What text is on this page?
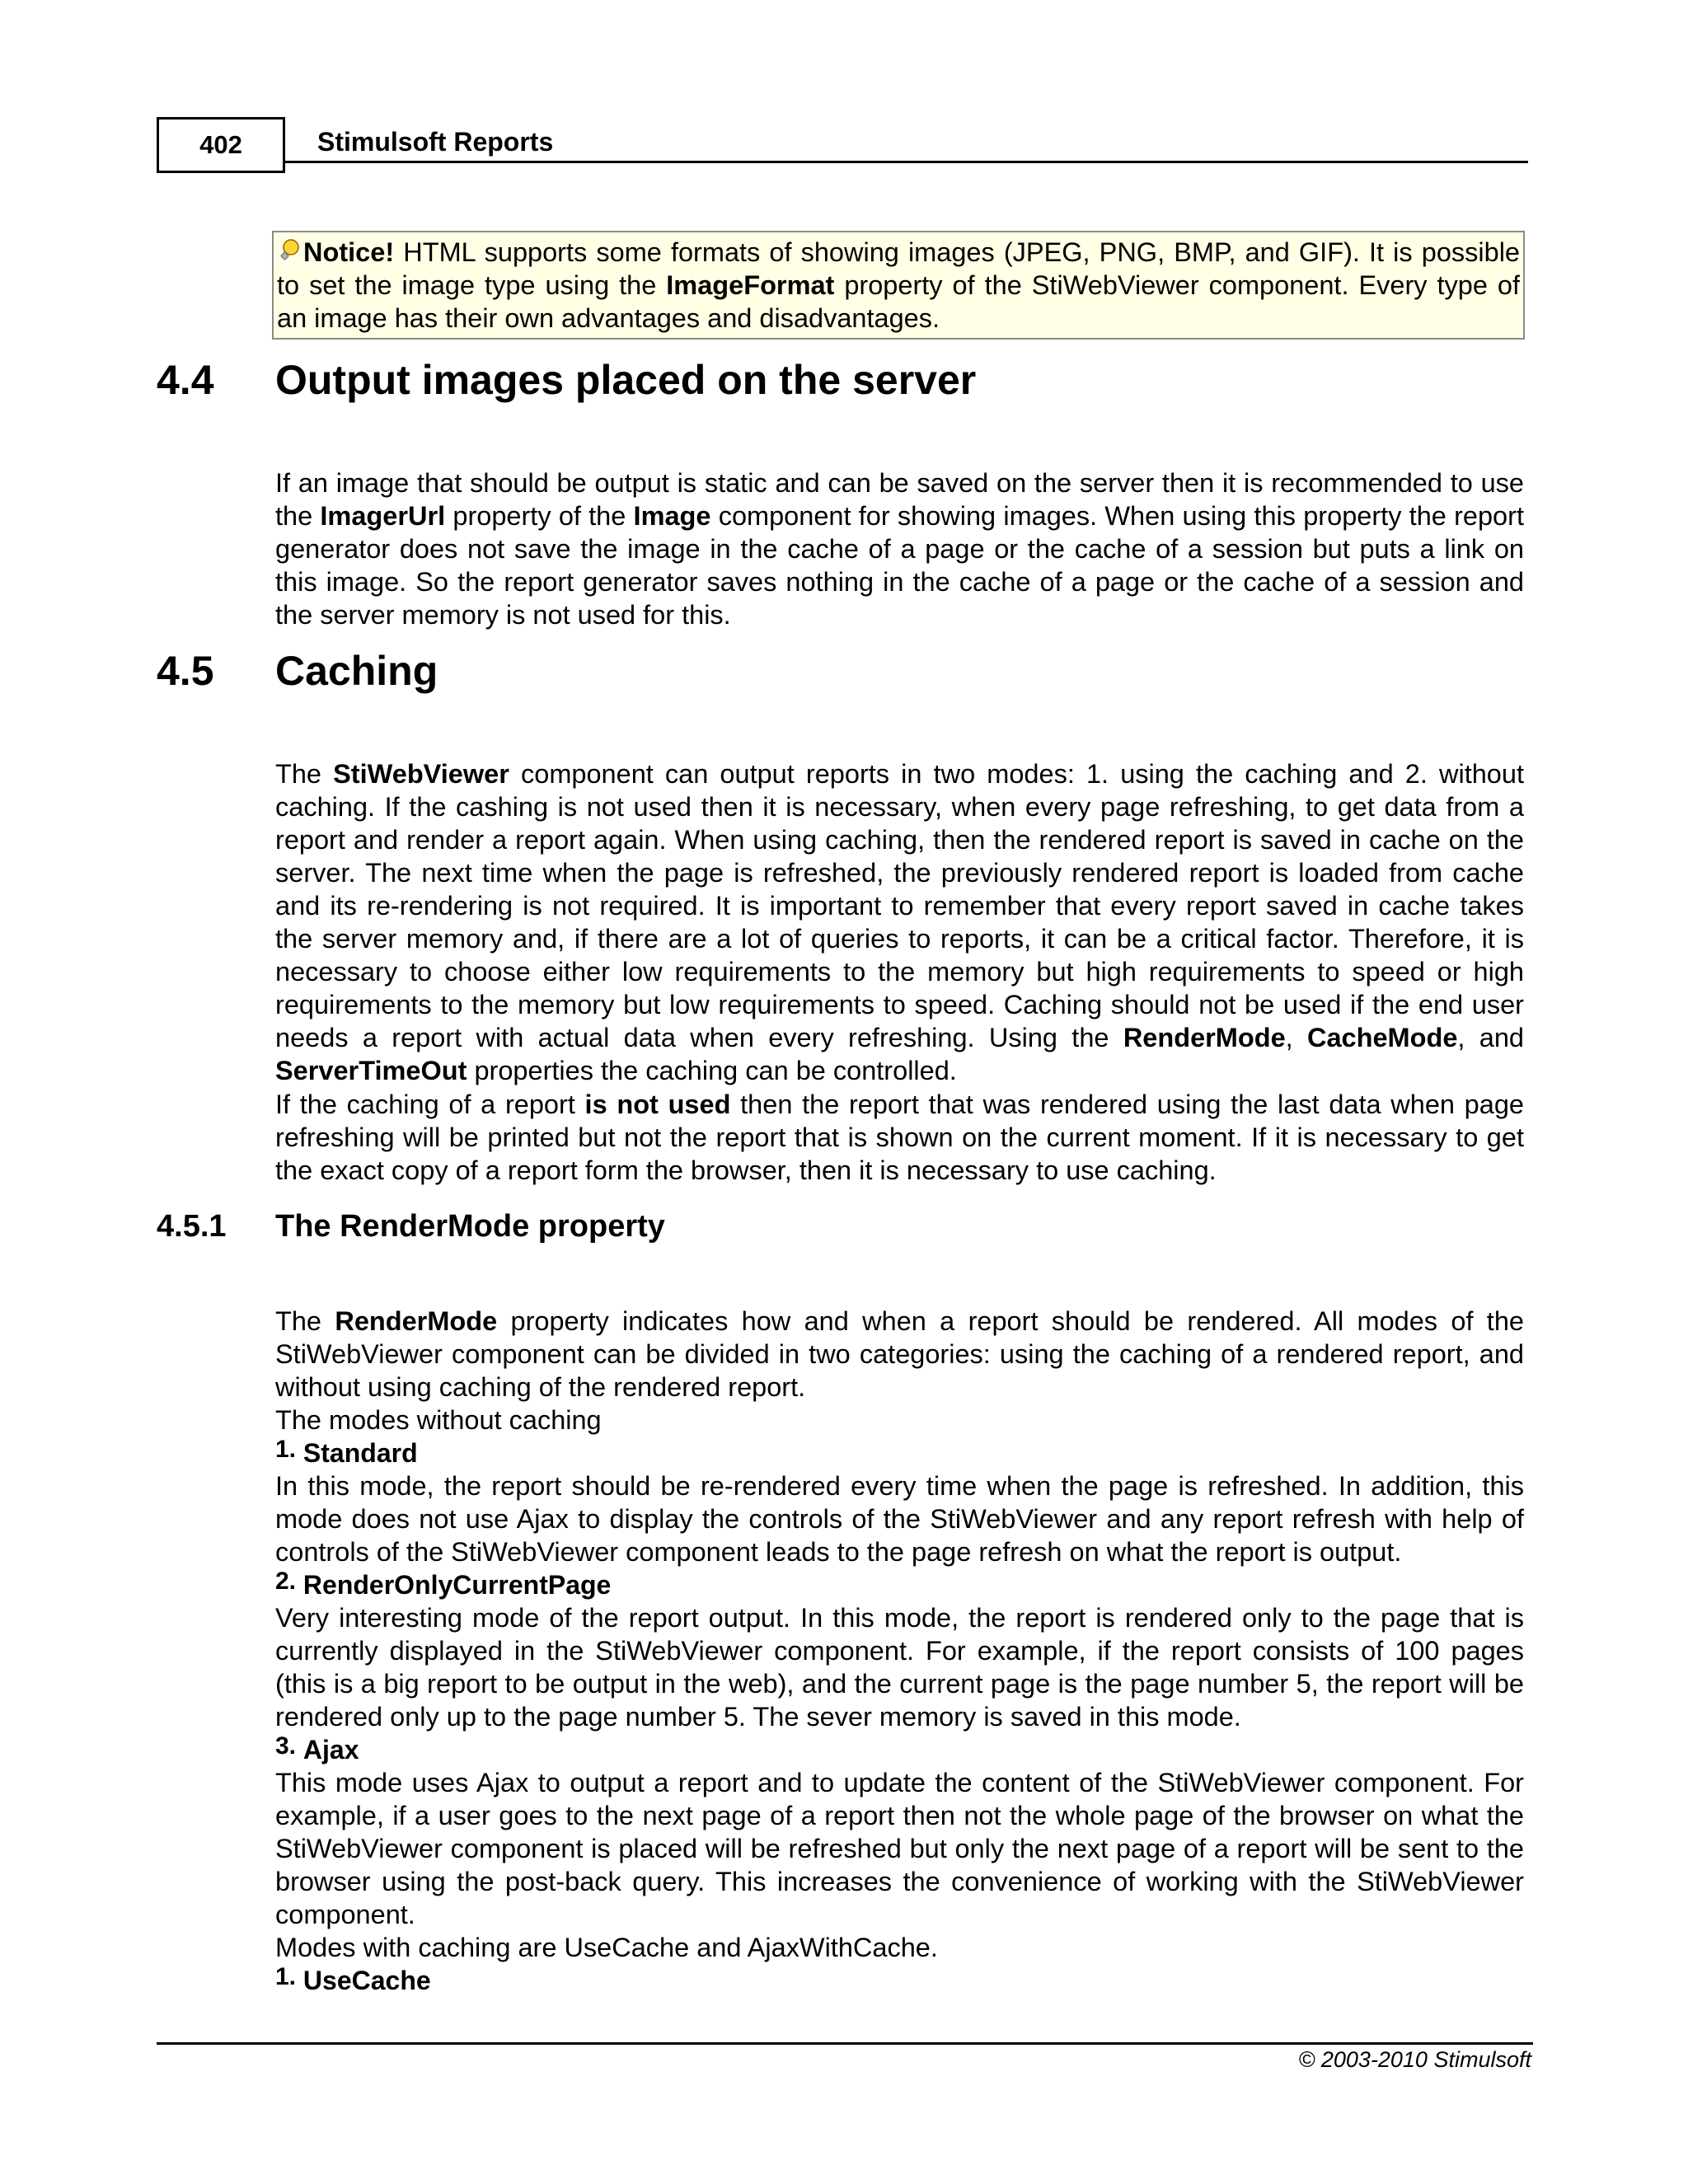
402	Stimulsoft Reports
Notice! HTML supports some formats of showing images (JPEG, PNG, BMP, and GIF). It is possible to set the image type using the ImageFormat property of the StiWebViewer component. Every type of an image has their own advantages and disadvantages.
4.4 Output images placed on the server

If an image that should be output is static and can be saved on the server then it is recommended to use the ImagerUrl property of the Image component for showing images. When using this property the report generator does not save the image in the cache of a page or the cache of a session but puts a link on this image. So the report generator saves nothing in the cache of a page or the cache of a session and the server memory is not used for this.

4.5 Caching

The StiWebViewer component can output reports in two modes: 1. using the caching and 2. without caching. If the cashing is not used then it is necessary, when every page refreshing, to get data from a report and render a report again. When using caching, then the rendered report is saved in cache on the server. The next time when the page is refreshed, the previously rendered report is loaded from cache and its re-rendering is not required. It is important to remember that every report saved in cache takes the server memory and, if there are a lot of queries to reports, it can be a critical factor. Therefore, it is necessary to choose either low requirements to the memory but high requirements to speed or high requirements to the memory but low requirements to speed. Caching should not be used if the end user needs a report with actual data when every refreshing. Using the RenderMode, CacheMode, and ServerTimeOut properties the caching can be controlled.

If the caching of a report is not used then the report that was rendered using the last data when page refreshing will be printed but not the report that is shown on the current moment. If it is necessary to get the exact copy of a report form the browser, then it is necessary to use caching.

4.5.1 The RenderMode property

The RenderMode property indicates how and when a report should be rendered. All modes of the StiWebViewer component can be divided in two categories: using the caching of a rendered report, and without using caching of the rendered report.

The modes without caching

1. Standard

In this mode, the report should be re-rendered every time when the page is refreshed. In addition, this mode does not use Ajax to display the controls of the StiWebViewer and any report refresh with help of controls of the StiWebViewer component leads to the page refresh on what the report is output.

2. RenderOnlyCurrentPage

Very interesting mode of the report output. In this mode, the report is rendered only to the page that is currently displayed in the StiWebViewer component. For example, if the report consists of 100 pages (this is a big report to be output in the web), and the current page is the page number 5, the report will be rendered only up to the page number 5. The sever memory is saved in this mode.

3. Ajax

This mode uses Ajax to output a report and to update the content of the StiWebViewer component. For example, if a user goes to the next page of a report then not the whole page of the browser on what the StiWebViewer component is placed will be refreshed but only the next page of a report will be sent to the browser using the post-back query. This increases the convenience of working with the StiWebViewer component.

Modes with caching are UseCache and AjaxWithCache.

1. UseCache
© 2003-2010 Stimulsoft
